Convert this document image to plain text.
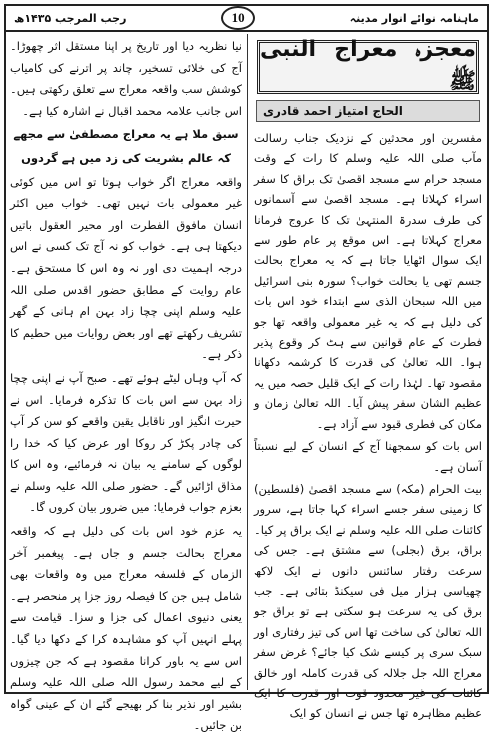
ماہنامہ نوائے انوار مدینہ
10
رجب المرجب ۱۴۳۵ھ
معجزہ معراج النبی ﷺ
الحاج امتیاز احمد قادری

مفسرین اور محدثین کے نزدیک جناب رسالت مآب صلی اللہ علیہ وسلم کا رات کے وقت مسجد حرام سے مسجد اقصیٰ تک براق کا سفر اسراء کہلاتا ہے۔ مسجد اقصیٰ سے آسمانوں کی طرف سدرۃ المنتہیٰ تک کا عروج فرمانا معراج کہلاتا ہے۔ اس موقع پر عام طور سے ایک سوال اٹھایا جاتا ہے کہ یہ معراج بحالت جسم تھی یا بحالت خواب؟ سورہ بنی اسرائیل میں اللہ سبحان الذی سے ابتداء خود اس بات کی دلیل ہے کہ یہ غیر معمولی واقعہ تھا جو فطرت کے عام قوانین سے ہٹ کر وقوع پذیر ہوا۔ اللہ تعالیٰ کی قدرت کا کرشمہ دکھانا مقصود تھا۔ لہٰذا رات کے ایک قلیل حصہ میں یہ عظیم الشان سفر پیش آیا۔ اللہ تعالیٰ زمان و مکان کی فطری قیود سے آزاد ہے۔

اس بات کو سمجھنا آج کے انسان کے لیے نسبتاً آسان ہے۔

بیت الحرام (مکہ) سے مسجد اقصیٰ (فلسطین) کا زمینی سفر جسے اسراء کہا جاتا ہے، سرور کائنات صلی اللہ علیہ وسلم نے ایک براق پر کیا۔ براق، برق (بجلی) سے مشتق ہے۔ جس کی سرعت رفتار سائنس دانوں نے ایک لاکھ چھیاسی ہزار میل فی سیکنڈ بتائی ہے۔ جب برق کی یہ سرعت ہو سکتی ہے تو براق جو اللہ تعالیٰ کی ساخت تھا اس کی تیز رفتاری اور سبک سری پر کیسے شک کیا جائے؟ غرض سفر معراج اللہ جل جلالہ کی قدرت کاملہ اور خالق کائنات کی غیر محدود قوت اور قدرت کا ایک عظیم مظاہرہ تھا جس نے انسان کو ایک

نیا نظریہ دیا اور تاریخ پر اپنا مستقل اثر چھوڑا۔ آج کی خلائی تسخیر، چاند پر اترنے کی کامیاب کوشش سب واقعہ معراج سے تعلق رکھتی ہیں۔ اس جانب علامہ محمد اقبال نے اشارہ کیا ہے۔

سبق ملا ہے یہ معراج مصطفیٰ سے مجھے

کہ عالم بشریت کی زد میں ہے گردوں

واقعہ معراج اگر خواب ہوتا تو اس میں کوئی غیر معمولی بات نہیں تھی۔ خواب میں اکثر انسان مافوق الفطرت اور محیر العقول باتیں دیکھتا ہی ہے۔ خواب کو نہ آج تک کسی نے اس درجہ اہمیت دی اور نہ وہ اس کا مستحق ہے۔ عام روایت کے مطابق حضور اقدس صلی اللہ علیہ وسلم اپنی چچا زاد بہن ام ہانی کے گھر تشریف رکھتے تھے اور بعض روایات میں حطیم کا ذکر ہے۔

کہ آپ وہاں لیٹے ہوئے تھے۔ صبح آپ نے اپنی چچا زاد بہن سے اس بات کا تذکرہ فرمایا۔ اس نے حیرت انگیز اور ناقابل یقین واقعے کو سن کر آپ کی چادر پکڑ کر روکا اور عرض کیا کہ خدا را لوگوں کے سامنے یہ بیان نہ فرمائیے، وہ اس کا مذاق اڑائیں گے۔ حضور صلی اللہ علیہ وسلم نے بعزم جواب فرمایا: میں ضرور بیان کروں گا۔

یہ عزم خود اس بات کی دلیل ہے کہ واقعہ معراج بحالت جسم و جاں ہے۔ پیغمبر آخر الزماں کے فلسفہ معراج میں وہ واقعات بھی شامل ہیں جن کا فیصلہ روز جزا پر منحصر ہے۔ یعنی دنیوی اعمال کی جزا و سزا۔ قیامت سے پہلے انہیں آپ کو مشاہدہ کرا کے دکھا دیا گیا۔ اس سے یہ باور کرانا مقصود ہے کہ جن چیزوں کے لیے محمد رسول اللہ صلی اللہ علیہ وسلم بشیر اور نذیر بنا کر بھیجے گئے ان کے عینی گواہ بن جائیں۔
